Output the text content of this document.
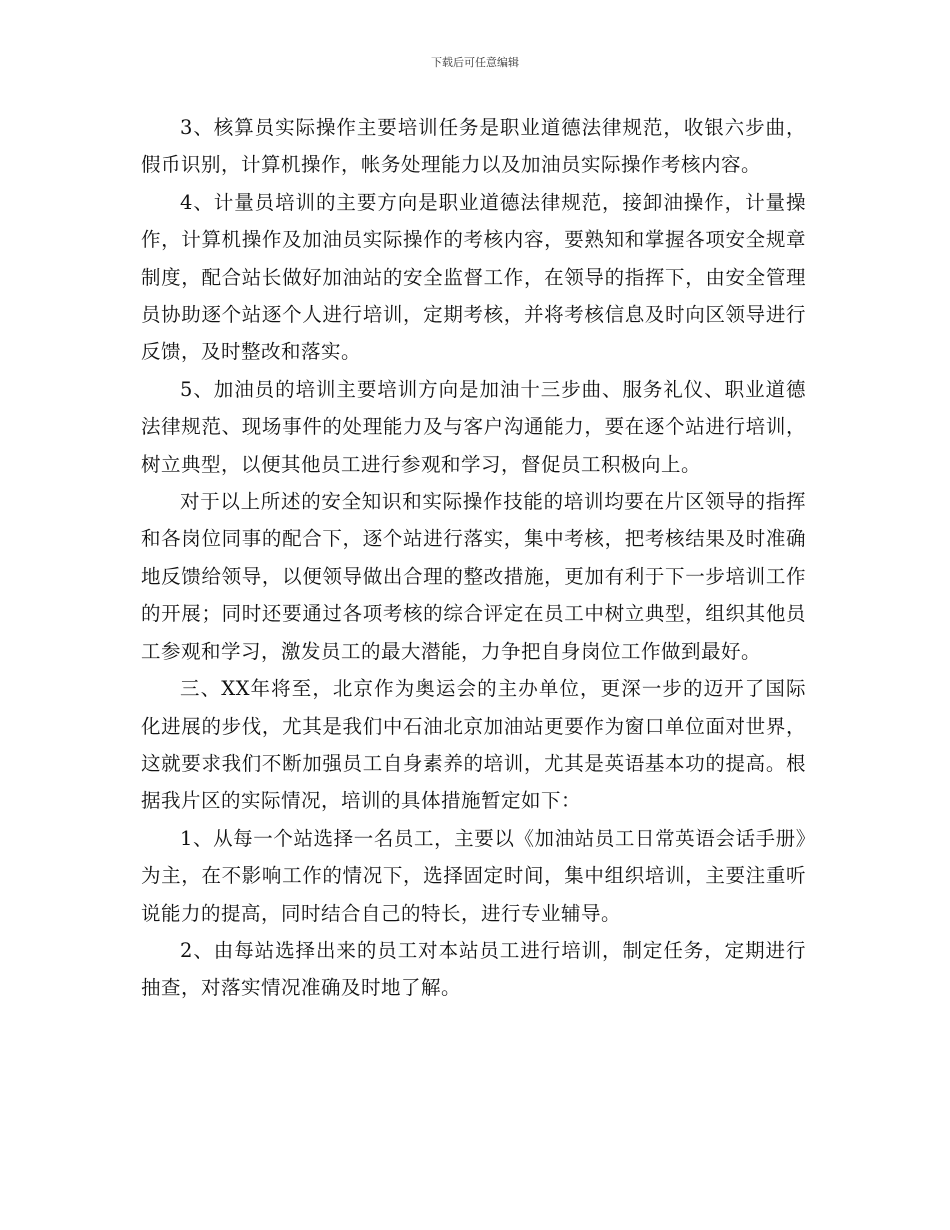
下载后可任意编辑

3、核算员实际操作主要培训任务是职业道德法律规范，收银六步曲，假币识别，计算机操作，帐务处理能力以及加油员实际操作考核内容。

4、计量员培训的主要方向是职业道德法律规范，接卸油操作，计量操作，计算机操作及加油员实际操作的考核内容，要熟知和掌握各项安全规章制度，配合站长做好加油站的安全监督工作，在领导的指挥下，由安全管理员协助逐个站逐个人进行培训，定期考核，并将考核信息及时向区领导进行反馈，及时整改和落实。

5、加油员的培训主要培训方向是加油十三步曲、服务礼仪、职业道德法律规范、现场事件的处理能力及与客户沟通能力，要在逐个站进行培训，树立典型，以便其他员工进行参观和学习，督促员工积极向上。

对于以上所述的安全知识和实际操作技能的培训均要在片区领导的指挥和各岗位同事的配合下，逐个站进行落实，集中考核，把考核结果及时准确地反馈给领导，以便领导做出合理的整改措施，更加有利于下一步培训工作的开展；同时还要通过各项考核的综合评定在员工中树立典型，组织其他员工参观和学习，激发员工的最大潜能，力争把自身岗位工作做到最好。

三、XX年将至，北京作为奥运会的主办单位，更深一步的迈开了国际化进展的步伐，尤其是我们中石油北京加油站更要作为窗口单位面对世界，这就要求我们不断加强员工自身素养的培训，尤其是英语基本功的提高。根据我片区的实际情况，培训的具体措施暂定如下：

1、从每一个站选择一名员工，主要以《加油站员工日常英语会话手册》为主，在不影响工作的情况下，选择固定时间，集中组织培训，主要注重听说能力的提高，同时结合自己的特长，进行专业辅导。

2、由每站选择出来的员工对本站员工进行培训，制定任务，定期进行抽查，对落实情况准确及时地了解。
